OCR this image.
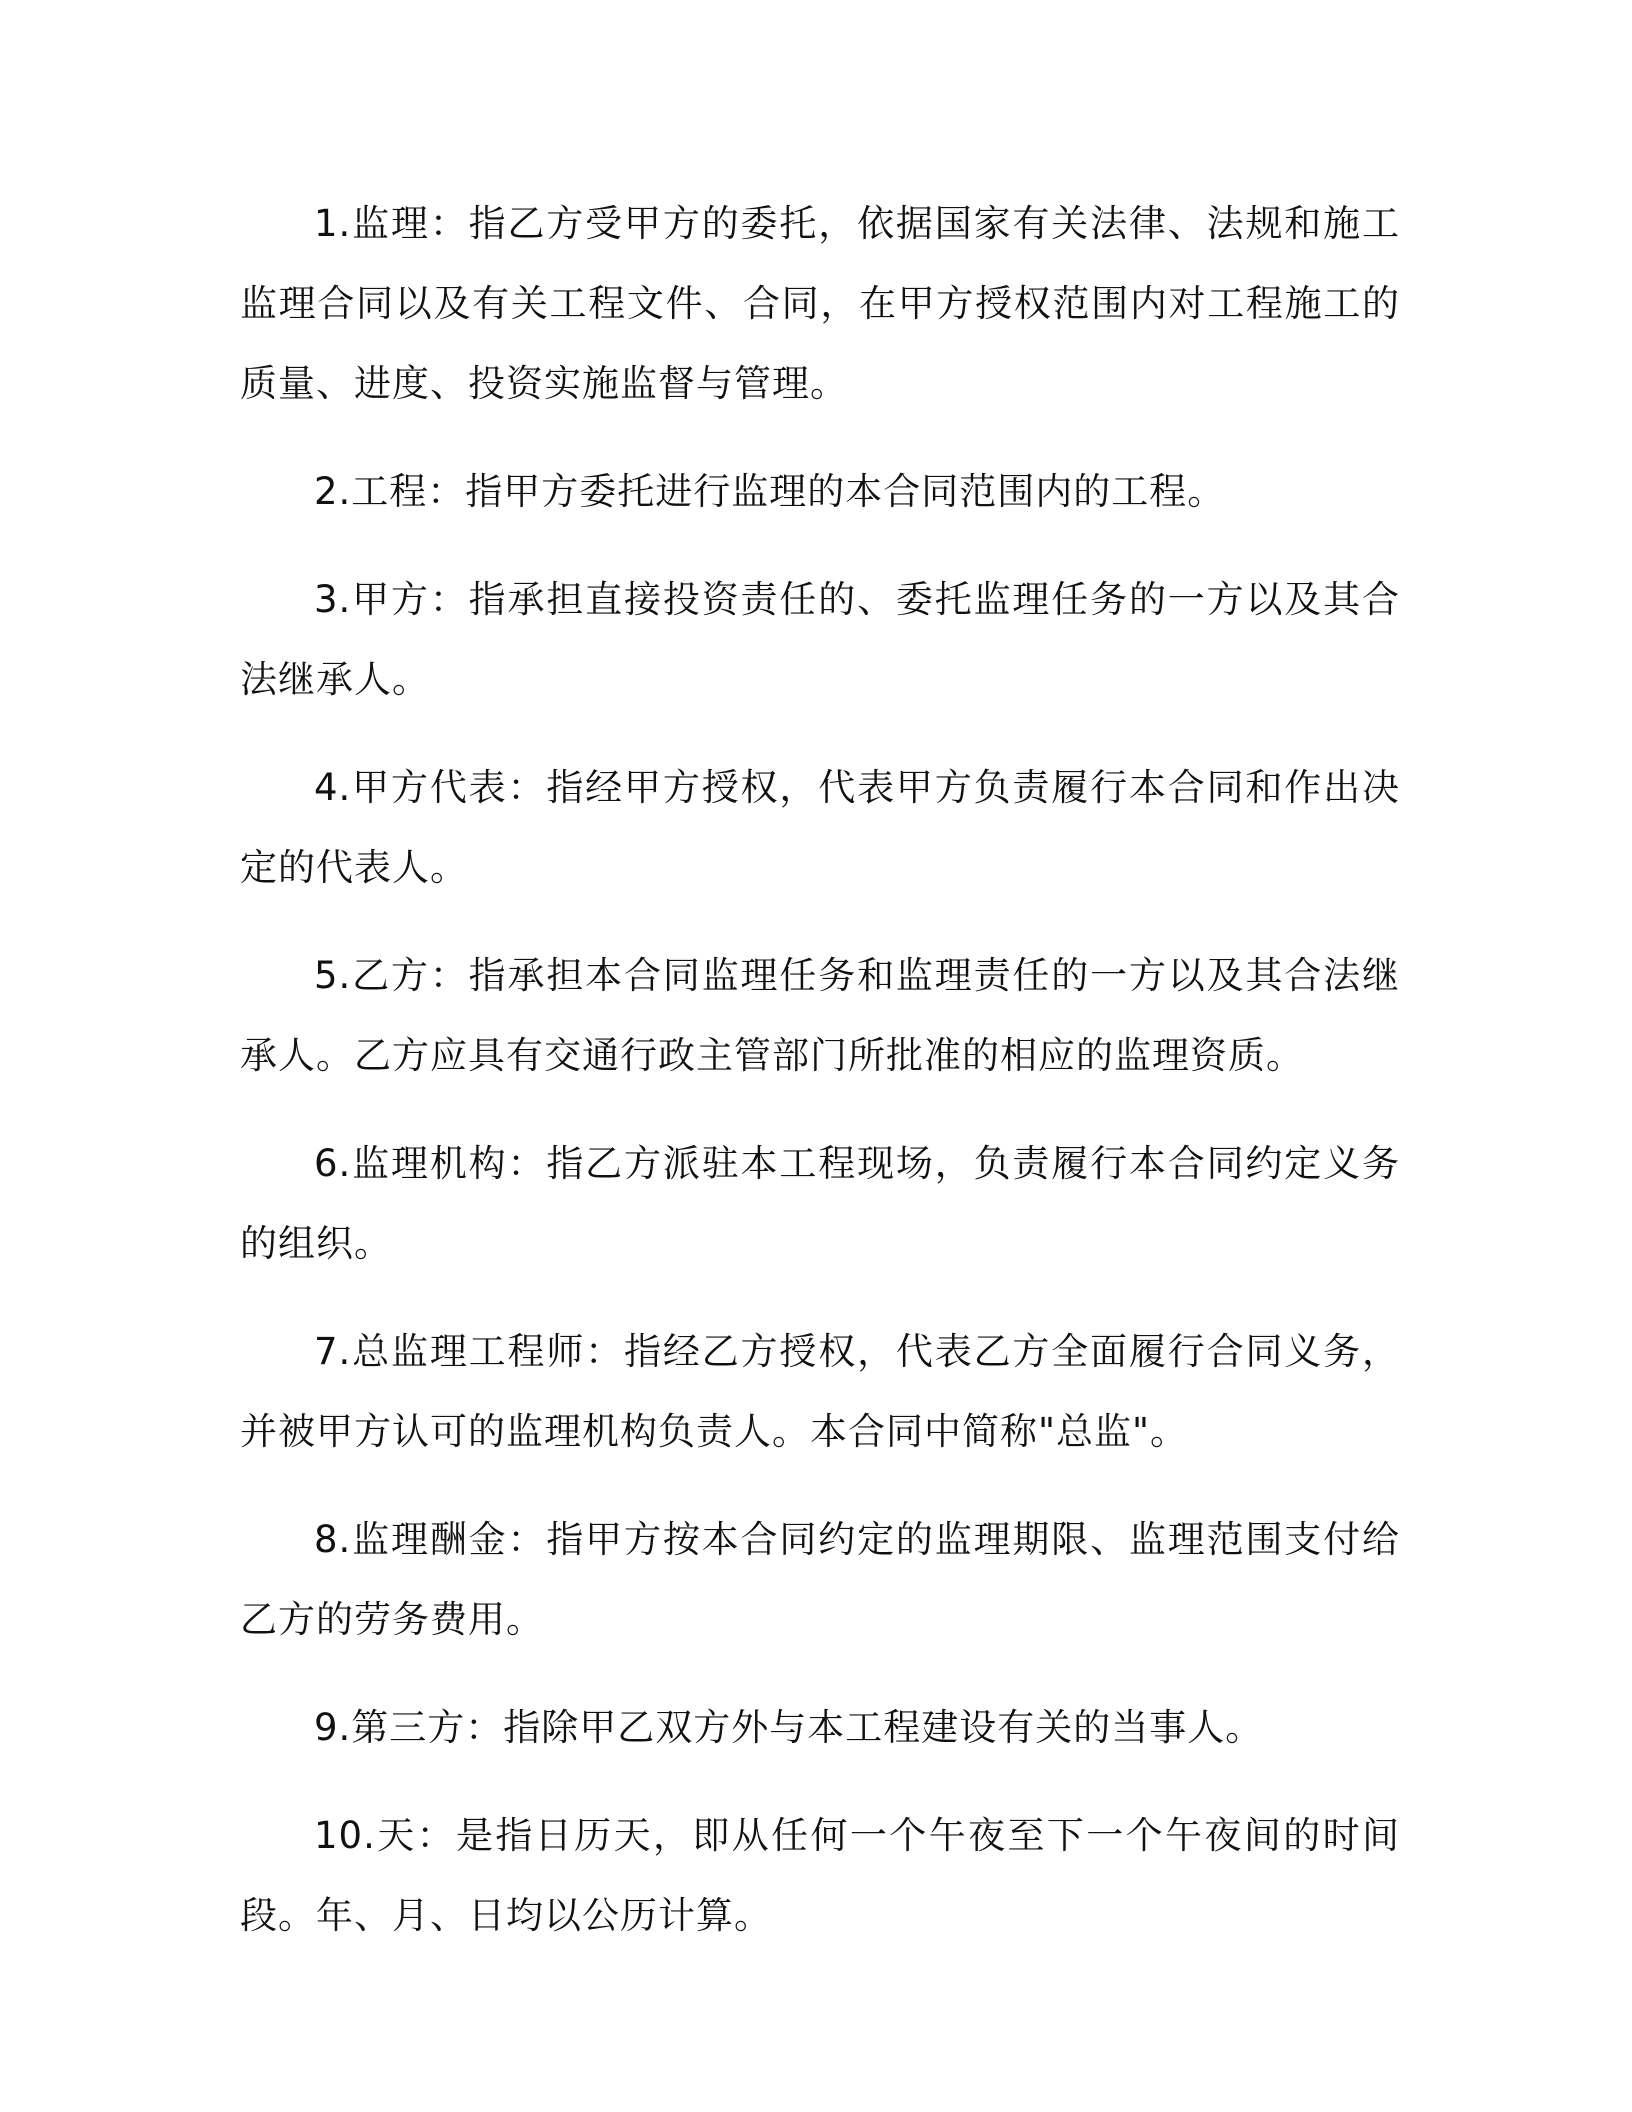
1.监理：指乙方受甲方的委托，依据国家有关法律、法规和施工监理合同以及有关工程文件、合同，在甲方授权范围内对工程施工的质量、进度、投资实施监督与管理。

2.工程：指甲方委托进行监理的本合同范围内的工程。

3.甲方：指承担直接投资责任的、委托监理任务的一方以及其合法继承人。

4.甲方代表：指经甲方授权，代表甲方负责履行本合同和作出决定的代表人。

5.乙方：指承担本合同监理任务和监理责任的一方以及其合法继承人。乙方应具有交通行政主管部门所批准的相应的监理资质。

6.监理机构：指乙方派驻本工程现场，负责履行本合同约定义务的组织。

7.总监理工程师：指经乙方授权，代表乙方全面履行合同义务，并被甲方认可的监理机构负责人。本合同中简称"总监"。

8.监理酬金：指甲方按本合同约定的监理期限、监理范围支付给乙方的劳务费用。

9.第三方：指除甲乙双方外与本工程建设有关的当事人。

10.天：是指日历天，即从任何一个午夜至下一个午夜间的时间段。年、月、日均以公历计算。
